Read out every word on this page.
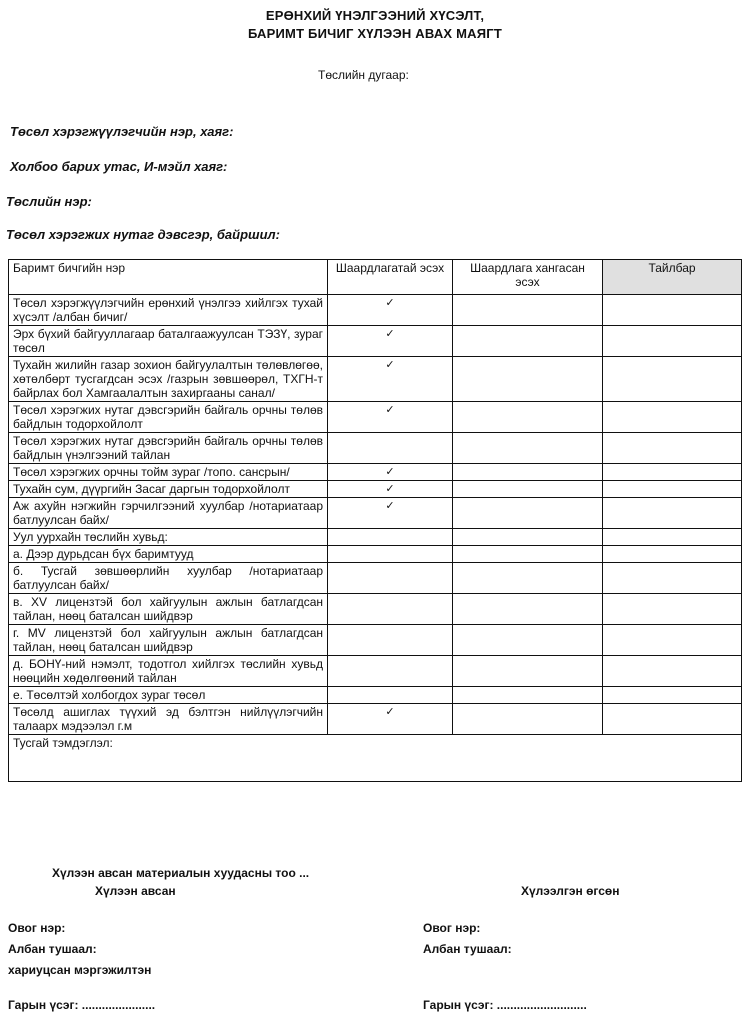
ЕРӨНХИЙ ҮНЭЛГЭЭНИЙ ХҮСЭЛТ,
БАРИМТ БИЧИГ ХҮЛЭЭН АВАХ МАЯГТ
Төслийн дугаар:
Төсөл хэрэгжүүлэгчийн нэр, хаяг:
Холбоо барих утас, И-мэйл хаяг:
Төслийн нэр:
Төсөл хэрэгжих нутаг дэвсгэр, байршил:
Баримт бичгийн нэр	Шаардлагатай эсэх	Шаардлага хангасан эсэх	Тайлбар
Төсөл хэрэгжүүлэгчийн ерөнхий үнэлгээ хийлгэх тухай хүсэлт /албан бичиг/	✓		
Эрх бүхий байгууллагаар баталгаажуулсан ТЭЗҮ, зураг төсөл	✓		
Тухайн жилийн газар зохион байгуулалтын төлөвлөгөө, хөтөлбөрт тусгагдсан эсэх /газрын зөвшөөрөл, ТХГН-т байрлах бол Хамгаалалтын захиргааны санал/	✓		
Төсөл хэрэгжих нутаг дэвсгэрийн байгаль орчны төлөв байдлын тодорхойлолт	✓		
Төсөл хэрэгжих нутаг дэвсгэрийн байгаль орчны төлөв байдлын үнэлгээний тайлан			
Төсөл хэрэгжих орчны тойм зураг /топо. сансрын/	✓		
Тухайн сум, дүүргийн Засаг даргын тодорхойлолт	✓		
Аж ахуйн нэгжийн гэрчилгээний хуулбар /нотариатаар батлуулсан байх/	✓		
Уул уурхайн төслийн хувьд:			
а. Дээр дурьдсан бүх баримтууд			
б. Тусгай зөвшөөрлийн хуулбар /нотариатаар батлуулсан байх/			
в. XV лицензтэй бол хайгуулын ажлын батлагдсан тайлан, нөөц баталсан шийдвэр			
г. MV лицензтэй бол хайгуулын ажлын батлагдсан тайлан, нөөц баталсан шийдвэр			
д. БОНҮ-ний нэмэлт, тодотгол хийлгэх төслийн хувьд нөөцийн хөдөлгөөний тайлан			
е. Төсөлтэй холбогдох зураг төсөл			
Төсөлд ашиглах түүхий эд бэлтгэн нийлүүлэгчийн талаарх мэдээлэл г.м	✓		
Тусгай тэмдэглэл:			
Хүлээн авсан материалын хуудасны тоо ...
Хүлээн авсан	Хүлээлгэн өгсөн
Овог нэр:
Албан тушаал:
хариуцсан мэргэжилтэн
Гарын үсэг: ......................
Овог нэр:
Албан тушаал:
Гарын үсэг: ...........................
